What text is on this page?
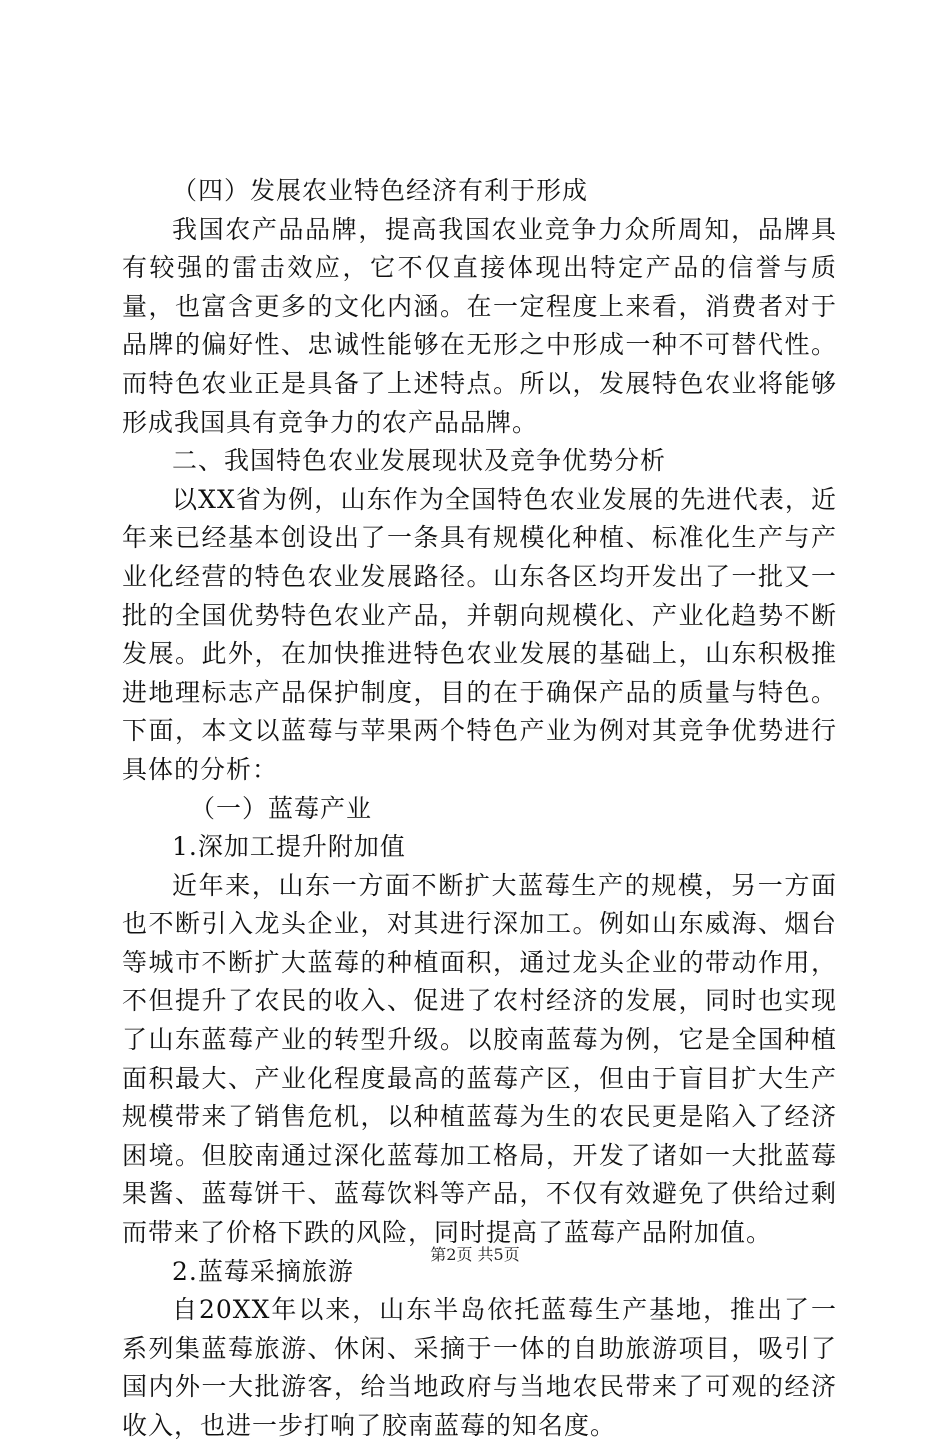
（四）发展农业特色经济有利于形成

我国农产品品牌，提高我国农业竞争力众所周知，品牌具有较强的雷击效应，它不仅直接体现出特定产品的信誉与质量，也富含更多的文化内涵。在一定程度上来看，消费者对于品牌的偏好性、忠诚性能够在无形之中形成一种不可替代性。而特色农业正是具备了上述特点。所以，发展特色农业将能够形成我国具有竞争力的农产品品牌。

二、我国特色农业发展现状及竞争优势分析

以XX省为例，山东作为全国特色农业发展的先进代表，近年来已经基本创设出了一条具有规模化种植、标准化生产与产业化经营的特色农业发展路径。山东各区均开发出了一批又一批的全国优势特色农业产品，并朝向规模化、产业化趋势不断发展。此外，在加快推进特色农业发展的基础上，山东积极推进地理标志产品保护制度，目的在于确保产品的质量与特色。下面，本文以蓝莓与苹果两个特色产业为例对其竞争优势进行具体的分析：

（一）蓝莓产业

1.深加工提升附加值

近年来，山东一方面不断扩大蓝莓生产的规模，另一方面也不断引入龙头企业，对其进行深加工。例如山东威海、烟台等城市不断扩大蓝莓的种植面积，通过龙头企业的带动作用，不但提升了农民的收入、促进了农村经济的发展，同时也实现了山东蓝莓产业的转型升级。以胶南蓝莓为例，它是全国种植面积最大、产业化程度最高的蓝莓产区，但由于盲目扩大生产规模带来了销售危机，以种植蓝莓为生的农民更是陷入了经济困境。但胶南通过深化蓝莓加工格局，开发了诸如一大批蓝莓果酱、蓝莓饼干、蓝莓饮料等产品，不仅有效避免了供给过剩而带来了价格下跌的风险，同时提高了蓝莓产品附加值。

2.蓝莓采摘旅游

自20XX年以来，山东半岛依托蓝莓生产基地，推出了一系列集蓝莓旅游、休闲、采摘于一体的自助旅游项目，吸引了国内外一大批游客，给当地政府与当地农民带来了可观的经济收入，也进一步打响了胶南蓝莓的知名度。

第2页 共5页
